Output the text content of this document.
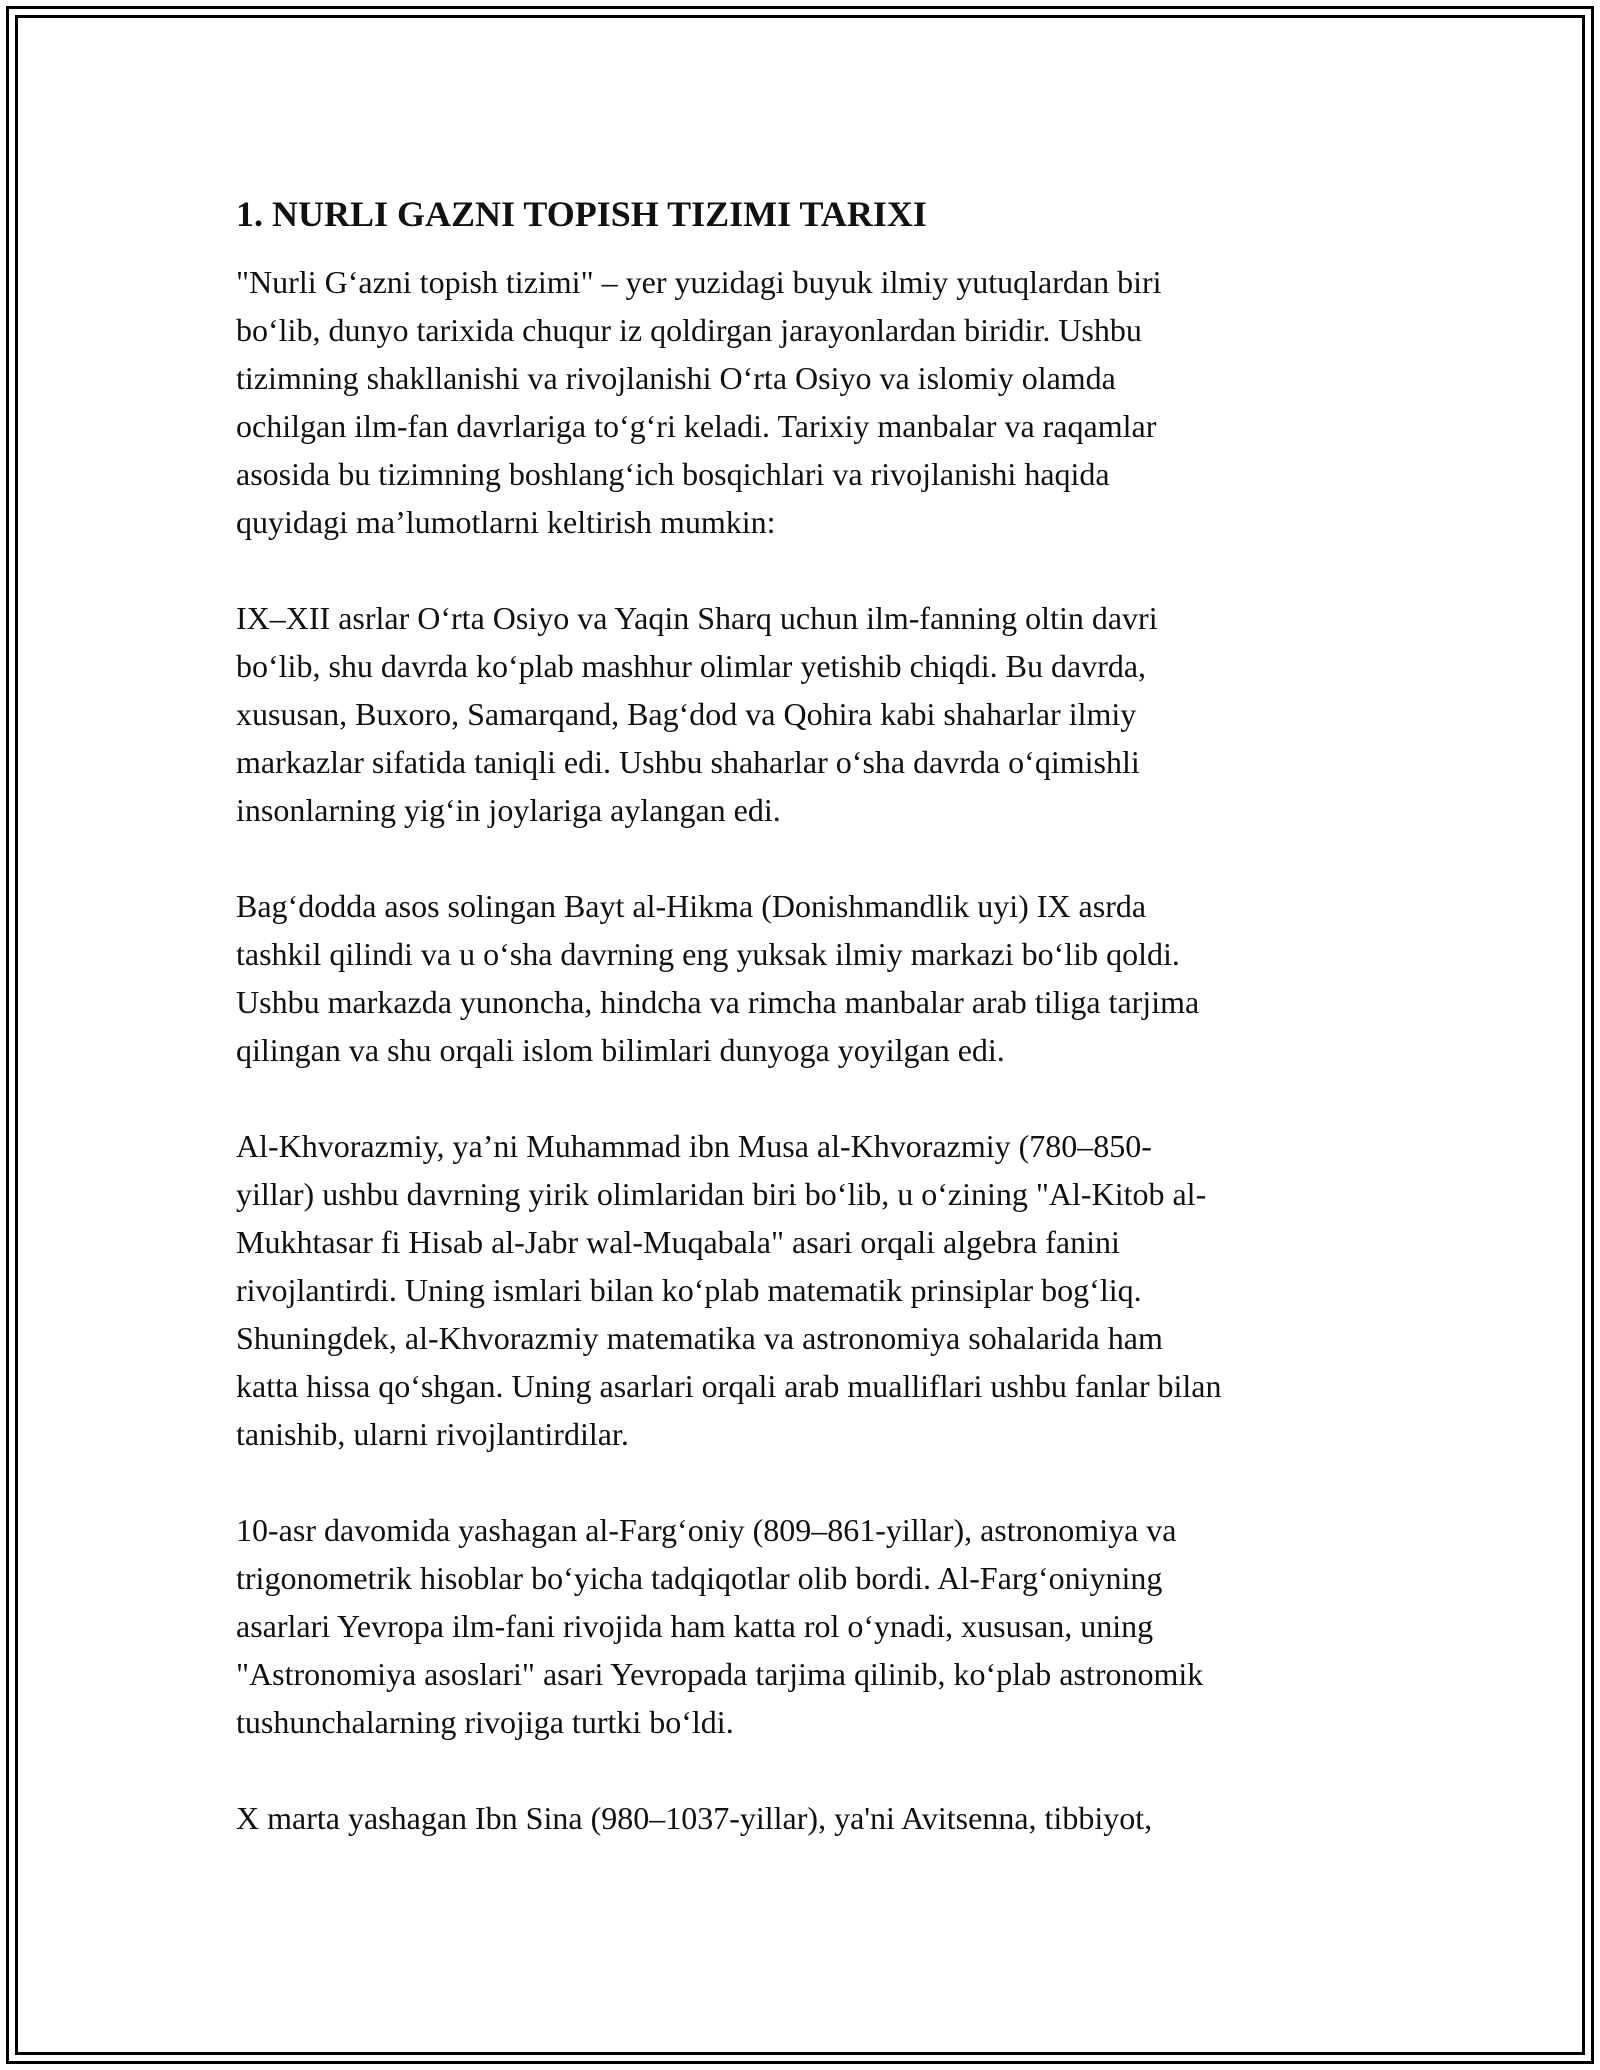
1. NURLI GAZNI TOPISH TIZIMI TARIXI
"Nurli G‘azni topish tizimi" – yer yuzidagi buyuk ilmiy yutuqlardan biri
bo‘lib, dunyo tarixida chuqur iz qoldirgan jarayonlardan biridir. Ushbu
tizimning shakllanishi va rivojlanishi O‘rta Osiyo va islomiy olamda
ochilgan ilm-fan davrlariga to‘g‘ri keladi. Tarixiy manbalar va raqamlar
asosida bu tizimning boshlang‘ich bosqichlari va rivojlanishi haqida
quyidagi ma’lumotlarni keltirish mumkin:
IX–XII asrlar O‘rta Osiyo va Yaqin Sharq uchun ilm-fanning oltin davri
bo‘lib, shu davrda ko‘plab mashhur olimlar yetishib chiqdi. Bu davrda,
xususan, Buxoro, Samarqand, Bag‘dod va Qohira kabi shaharlar ilmiy
markazlar sifatida taniqli edi. Ushbu shaharlar o‘sha davrda o‘qimishli
insonlarning yig‘in joylariga aylangan edi.
Bag‘dodda asos solingan Bayt al-Hikma (Donishmandlik uyi) IX asrda
tashkil qilindi va u o‘sha davrning eng yuksak ilmiy markazi bo‘lib qoldi.
Ushbu markazda yunoncha, hindcha va rimcha manbalar arab tiliga tarjima
qilingan va shu orqali islom bilimlari dunyoga yoyilgan edi.
Al-Khvorazmiy, ya’ni Muhammad ibn Musa al-Khvorazmiy (780–850-
yillar) ushbu davrning yirik olimlaridan biri bo‘lib, u o‘zining "Al-Kitob al-
Mukhtasar fi Hisab al-Jabr wal-Muqabala" asari orqali algebra fanini
rivojlantirdi. Uning ismlari bilan ko‘plab matematik prinsiplar bog‘liq.
Shuningdek, al-Khvorazmiy matematika va astronomiya sohalarida ham
katta hissa qo‘shgan. Uning asarlari orqali arab mualliflari ushbu fanlar bilan
tanishib, ularni rivojlantirdilar.
10-asr davomida yashagan al-Farg‘oniy (809–861-yillar), astronomiya va
trigonometrik hisoblar bo‘yicha tadqiqotlar olib bordi. Al-Farg‘oniyning
asarlari Yevropa ilm-fani rivojida ham katta rol o‘ynadi, xususan, uning
"Astronomiya asoslari" asari Yevropada tarjima qilinib, ko‘plab astronomik
tushunchalarning rivojiga turtki bo‘ldi.
X marta yashagan Ibn Sina (980–1037-yillar), ya'ni Avitsenna, tibbiyot,
